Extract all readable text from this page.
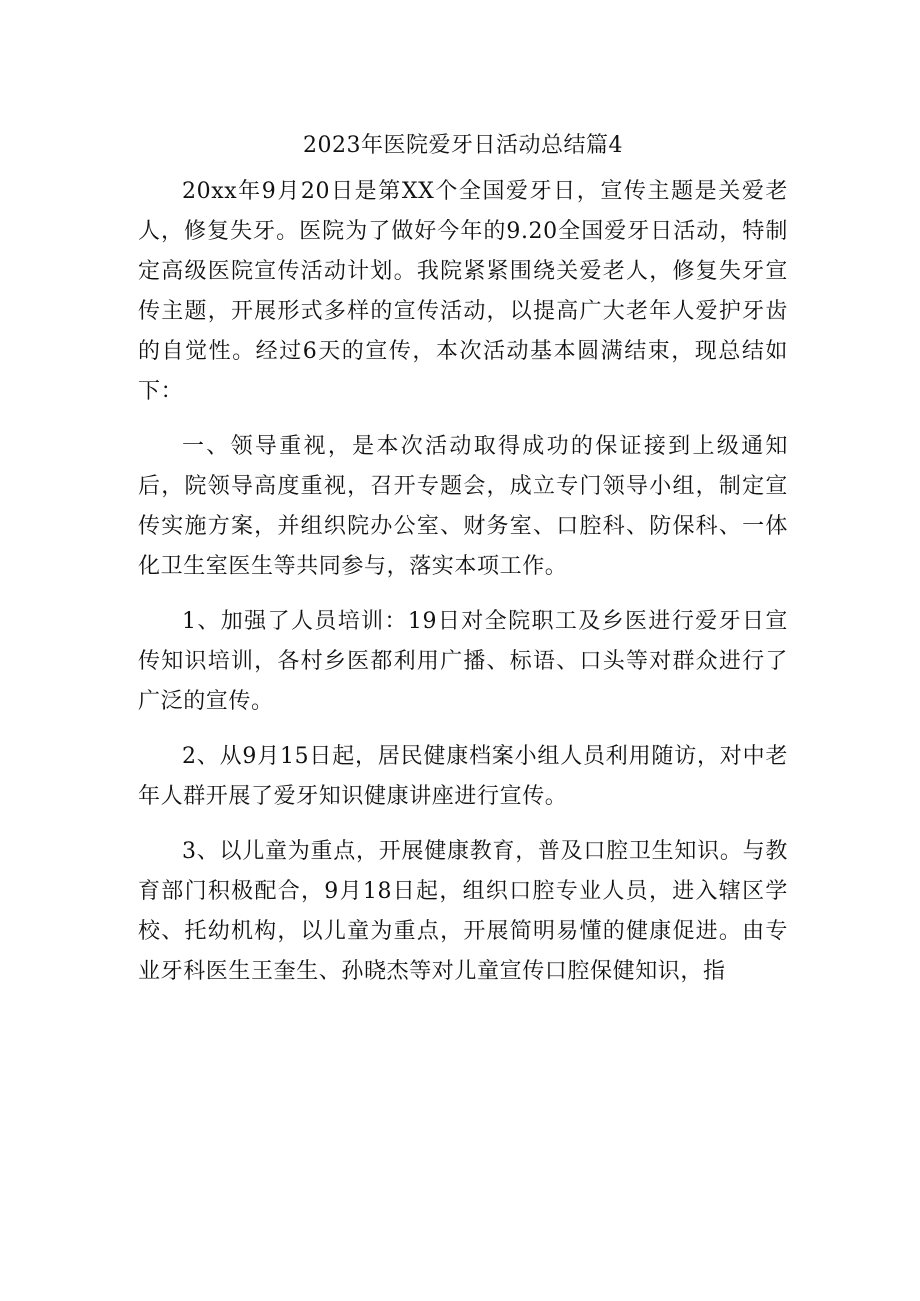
2023年医院爱牙日活动总结篇4

20xx年9月20日是第XX个全国爱牙日，宣传主题是关爱老人，修复失牙。医院为了做好今年的9.20全国爱牙日活动，特制定高级医院宣传活动计划。我院紧紧围绕关爱老人，修复失牙宣传主题，开展形式多样的宣传活动，以提高广大老年人爱护牙齿的自觉性。经过6天的宣传，本次活动基本圆满结束，现总结如下：

一、领导重视，是本次活动取得成功的保证接到上级通知后，院领导高度重视，召开专题会，成立专门领导小组，制定宣传实施方案，并组织院办公室、财务室、口腔科、防保科、一体化卫生室医生等共同参与，落实本项工作。

1、加强了人员培训：19日对全院职工及乡医进行爱牙日宣传知识培训，各村乡医都利用广播、标语、口头等对群众进行了广泛的宣传。

2、从9月15日起，居民健康档案小组人员利用随访，对中老年人群开展了爱牙知识健康讲座进行宣传。

3、以儿童为重点，开展健康教育，普及口腔卫生知识。与教育部门积极配合，9月18日起，组织口腔专业人员，进入辖区学校、托幼机构，以儿童为重点，开展简明易懂的健康促进。由专业牙科医生王奎生、孙晓杰等对儿童宣传口腔保健知识，指
